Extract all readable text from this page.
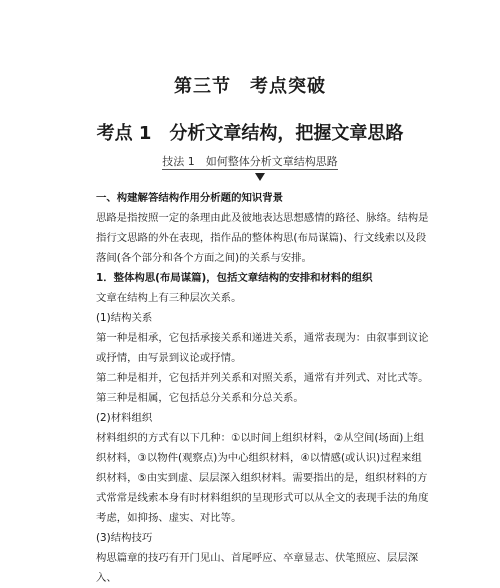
第三节　考点突破
考点 1　分析文章结构，把握文章思路
技法 1　如何整体分析文章结构思路

一、构建解答结构作用分析题的知识背景

思路是指按照一定的条理由此及彼地表达思想感情的路径、脉络。结构是指行文思路的外在表现，指作品的整体构思(布局谋篇)、行文线索以及段落间(各个部分和各个方面之间)的关系与安排。

1．整体构思(布局谋篇)，包括文章结构的安排和材料的组织

文章在结构上有三种层次关系。

(1)结构关系

第一种是相承，它包括承接关系和递进关系，通常表现为：由叙事到议论或抒情，由写景到议论或抒情。

第二种是相并，它包括并列关系和对照关系，通常有并列式、对比式等。

第三种是相属，它包括总分关系和分总关系。

(2)材料组织

材料组织的方式有以下几种：①以时间上组织材料，②从空间(场面)上组织材料，③以物件(观察点)为中心组织材料，④以情感(或认识)过程来组织材料，⑤由实到虚、层层深入组织材料。需要指出的是，组织材料的方式常常是线索本身有时材料组织的呈现形式可以从全文的表现手法的角度考虑，如抑扬、虚实、对比等。

(3)结构技巧

构思篇章的技巧有开门见山、首尾呼应、卒章显志、伏笔照应、层层深入、
